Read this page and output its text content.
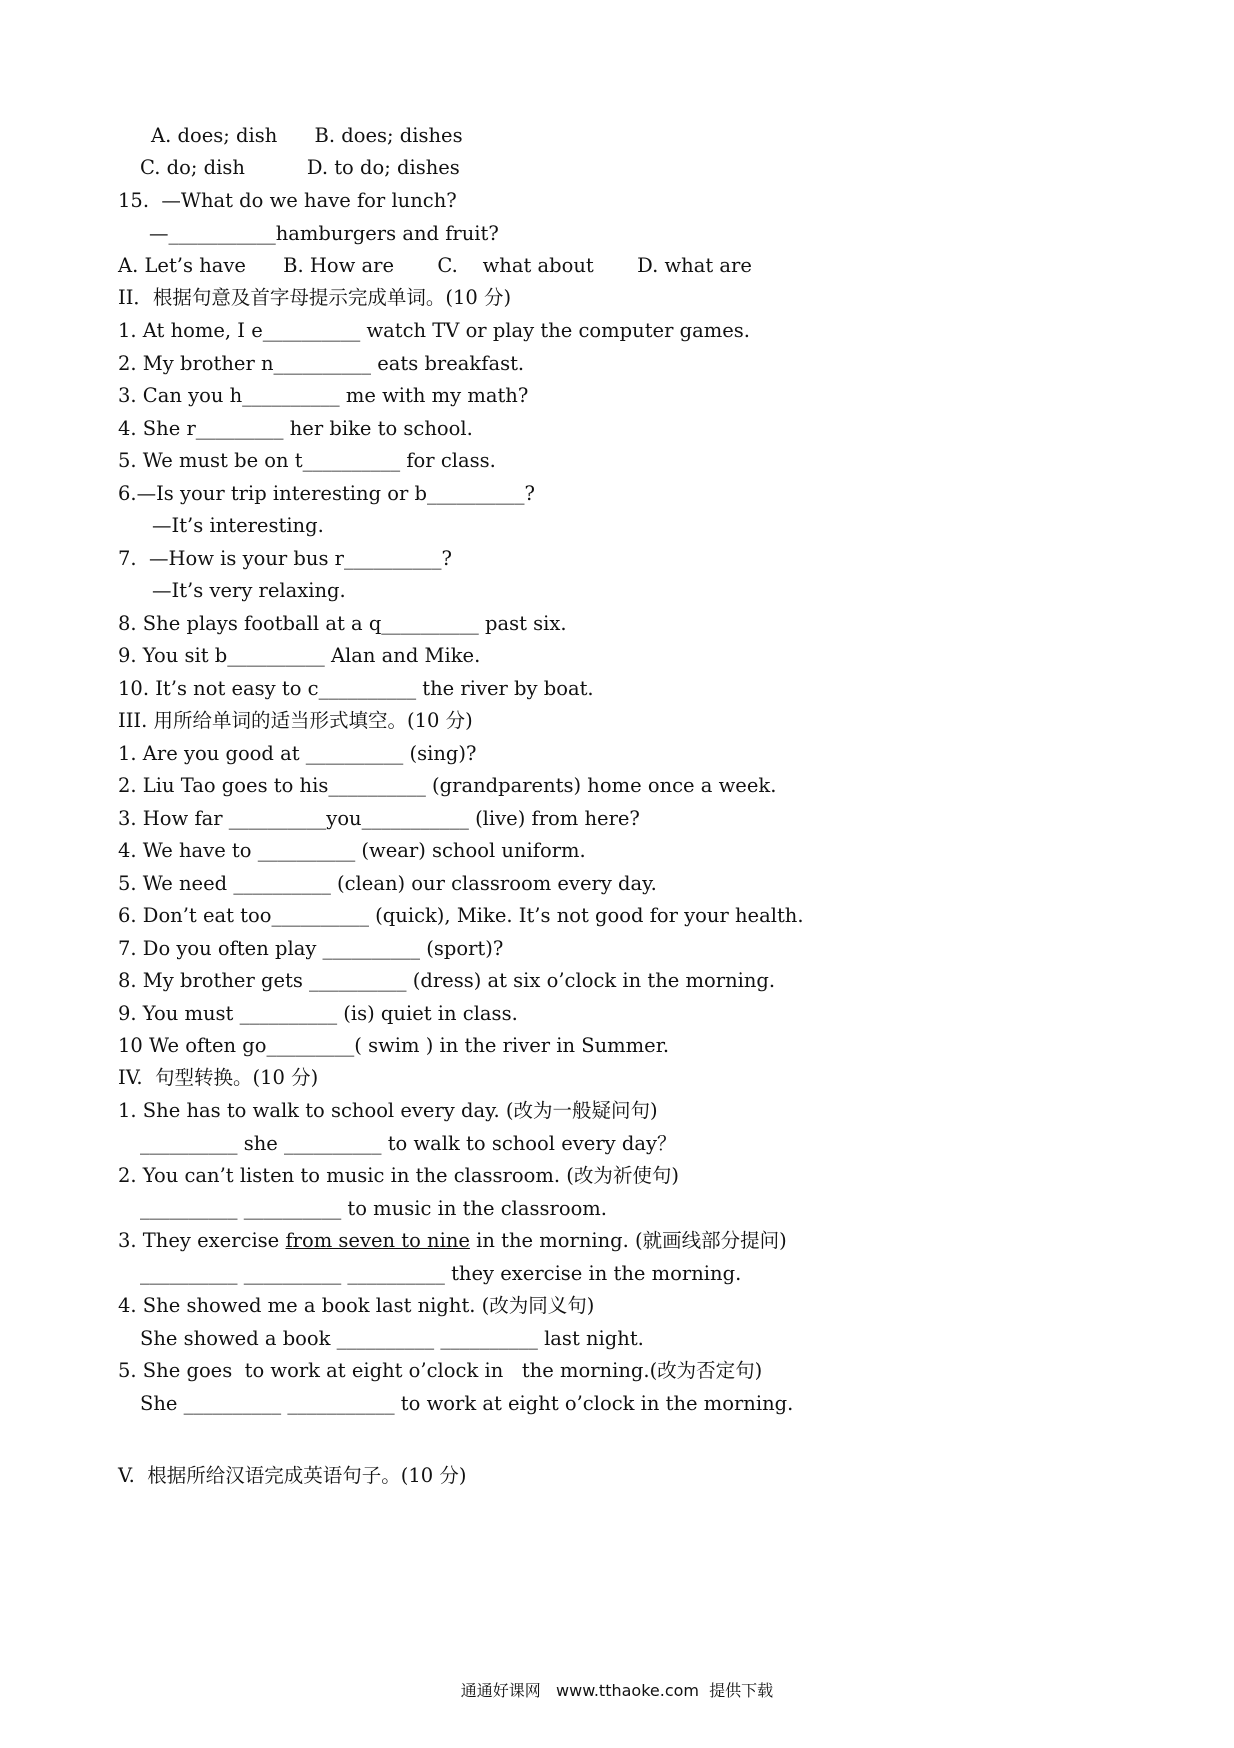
A. does; dish      B. does; dishes
C. do; dish          D. to do; dishes
15.  —What do we have for lunch?
—___________hamburgers and fruit?
A. Let’s have      B. How are       C.    what about       D. what are
II．根据句意及首字母提示完成单词。(10 分)
1. At home, I e__________ watch TV or play the computer games.
2. My brother n__________ eats breakfast.
3. Can you h__________ me with my math?
4. She r_________ her bike to school.
5. We must be on t__________ for class.
6.—Is your trip interesting or b__________?
—It’s interesting.
7.  —How is your bus r__________?
—It’s very relaxing.
8. She plays football at a q__________ past six.
9. You sit b__________ Alan and Mike.
10. It’s not easy to c__________ the river by boat.
III. 用所给单词的适当形式填空。(10 分)
1. Are you good at __________ (sing)?
2. Liu Tao goes to his__________ (grandparents) home once a week.
3. How far __________you___________ (live) from here?
4. We have to __________ (wear) school uniform.
5. We need __________ (clean) our classroom every day.
6. Don’t eat too__________ (quick), Mike. It’s not good for your health.
7. Do you often play __________ (sport)?
8. My brother gets __________ (dress) at six o’clock in the morning.
9. You must __________ (is) quiet in class.
10 We often go_________( swim ) in the river in Summer.
IV.  句型转换。(10 分)
1. She has to walk to school every day. (改为一般疑问句)
__________ she __________ to walk to school every day？
2. You can’t listen to music in the classroom. (改为祈使句)
__________ __________ to music in the classroom.
3. They exercise from seven to nine in the morning. (就画线部分提问)
__________ __________ __________ they exercise in the morning.
4. She showed me a book last night. (改为同义句)
She showed a book __________ __________ last night.
5. She goes  to work at eight o’clock in   the morning.(改为否定句)
She __________ ___________ to work at eight o’clock in the morning.
V.  根据所给汉语完成英语句子。(10 分)
通通好课网   www.tthaoke.com  提供下载
